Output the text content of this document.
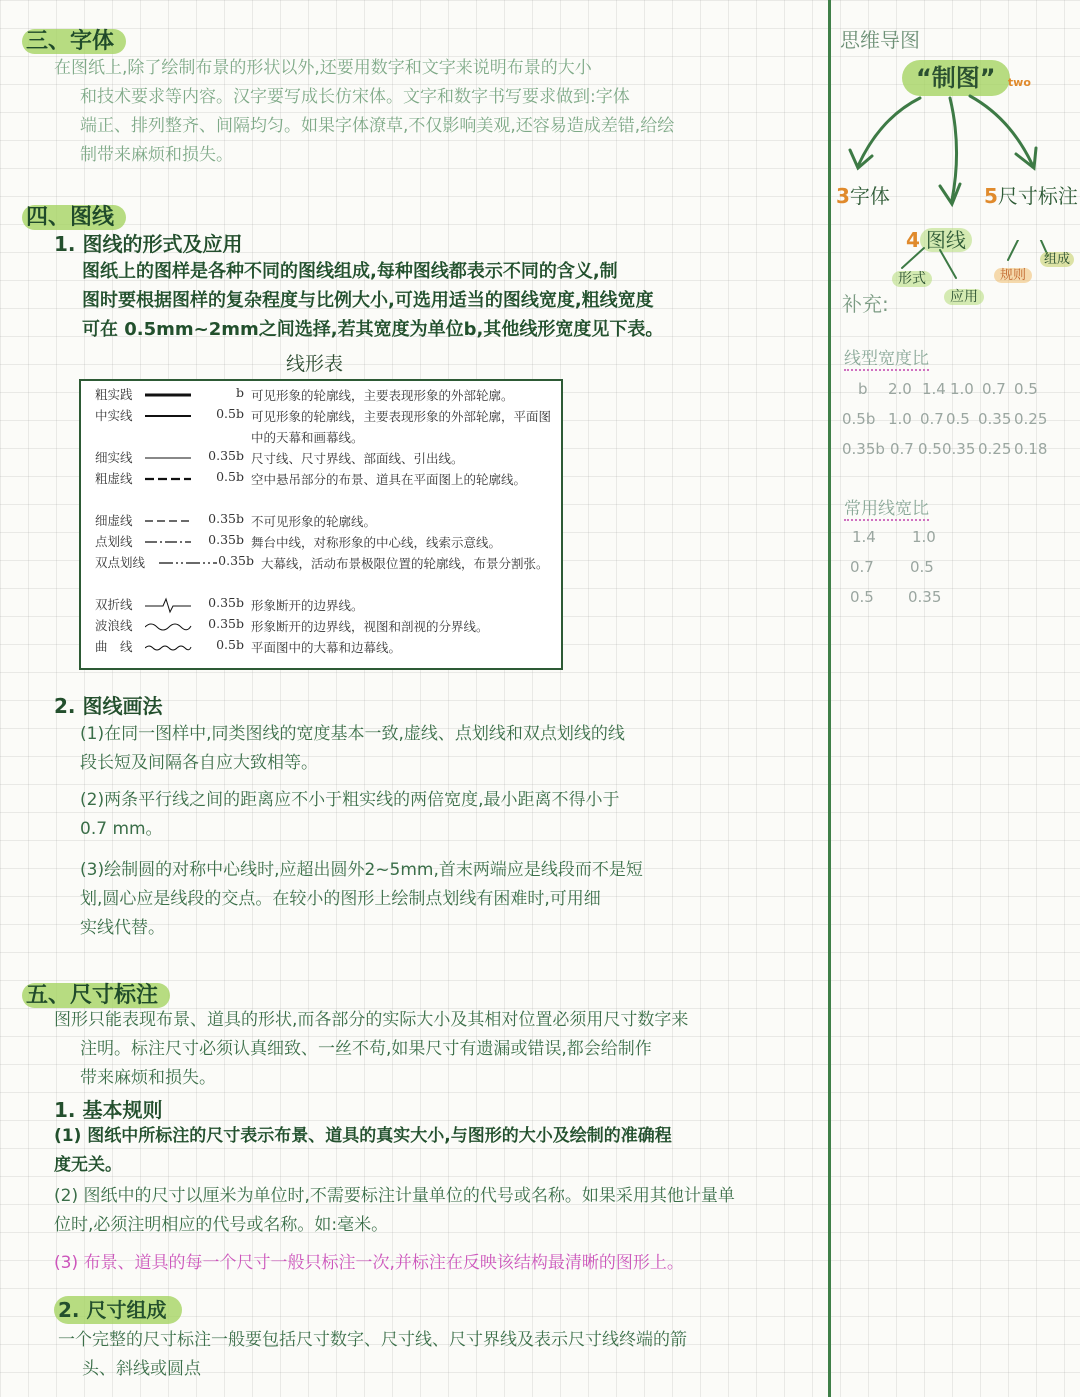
三、字体
在图纸上,除了绘制布景的形状以外,还要用数字和文字来说明布景的大小
和技术要求等内容。汉字要写成长仿宋体。文字和数字书写要求做到:字体
端正、排列整齐、间隔均匀。如果字体潦草,不仅影响美观,还容易造成差错,给绘
制带来麻烦和损失。
四、图线
1. 图线的形式及应用
图纸上的图样是各种不同的图线组成,每种图线都表示不同的含义,制
图时要根据图样的复杂程度与比例大小,可选用适当的图线宽度,粗线宽度
可在 0.5mm~2mm之间选择,若其宽度为单位b,其他线形宽度见下表。
线形表
粗实践	b 可见形象的轮廓线，主要表现形象的外部轮廓。
中实线	0.5b 可见形象的轮廓线，主要表现形象的外部轮廓，平面图中的天幕和画幕线。
细实线	0.35b 尺寸线、尺寸界线、部面线、引出线。
粗虚线	0.5b 空中悬吊部分的布景、道具在平面图上的轮廓线。
细虚线	0.35b 不可见形象的轮廓线。
点划线	0.35b 舞台中线，对称形象的中心线，线索示意线。
双点划线	0.35b 大幕线，活动布景极限位置的轮廓线，布景分割张。
双折线	0.35b 形象断开的边界线。
波浪线	0.35b 形象断开的边界线，视图和剖视的分界线。
曲　线	0.5b 平面图中的大幕和边幕线。
2. 图线画法
(1)在同一图样中,同类图线的宽度基本一致,虚线、点划线和双点划线的线
段长短及间隔各自应大致相等。
(2)两条平行线之间的距离应不小于粗实线的两倍宽度,最小距离不得小于
0.7 mm。
(3)绘制圆的对称中心线时,应超出圆外2~5mm,首末两端应是线段而不是短
划,圆心应是线段的交点。在较小的图形上绘制点划线有困难时,可用细
实线代替。
五、尺寸标注
图形只能表现布景、道具的形状,而各部分的实际大小及其相对位置必须用尺寸数字来
注明。标注尺寸必须认真细致、一丝不苟,如果尺寸有遗漏或错误,都会给制作
带来麻烦和损失。
1. 基本规则
(1) 图纸中所标注的尺寸表示布景、道具的真实大小,与图形的大小及绘制的准确程
度无关。
(2) 图纸中的尺寸以厘米为单位时,不需要标注计量单位的代号或名称。如果采用其他计量单
位时,必须注明相应的代号或名称。如:毫米。
(3) 布景、道具的每一个尺寸一般只标注一次,并标注在反映该结构最清晰的图形上。
2. 尺寸组成
一个完整的尺寸标注一般要包括尺寸数字、尺寸线、尺寸界线及表示尺寸线终端的箭
头、斜线或圆点
思维导图
“制图” two
3字体	5尺寸标注
4 图线
形式
应用
规则
组成
补充:
线型宽度比
b 2.0 1.4 1.0 0.7 0.5
0.5b 1.0 0.7 0.5 0.35 0.25
0.35b 0.7 0.5 0.35 0.25 0.18
常用线宽比
1.4 1.0
0.7 0.5
0.5 0.35
